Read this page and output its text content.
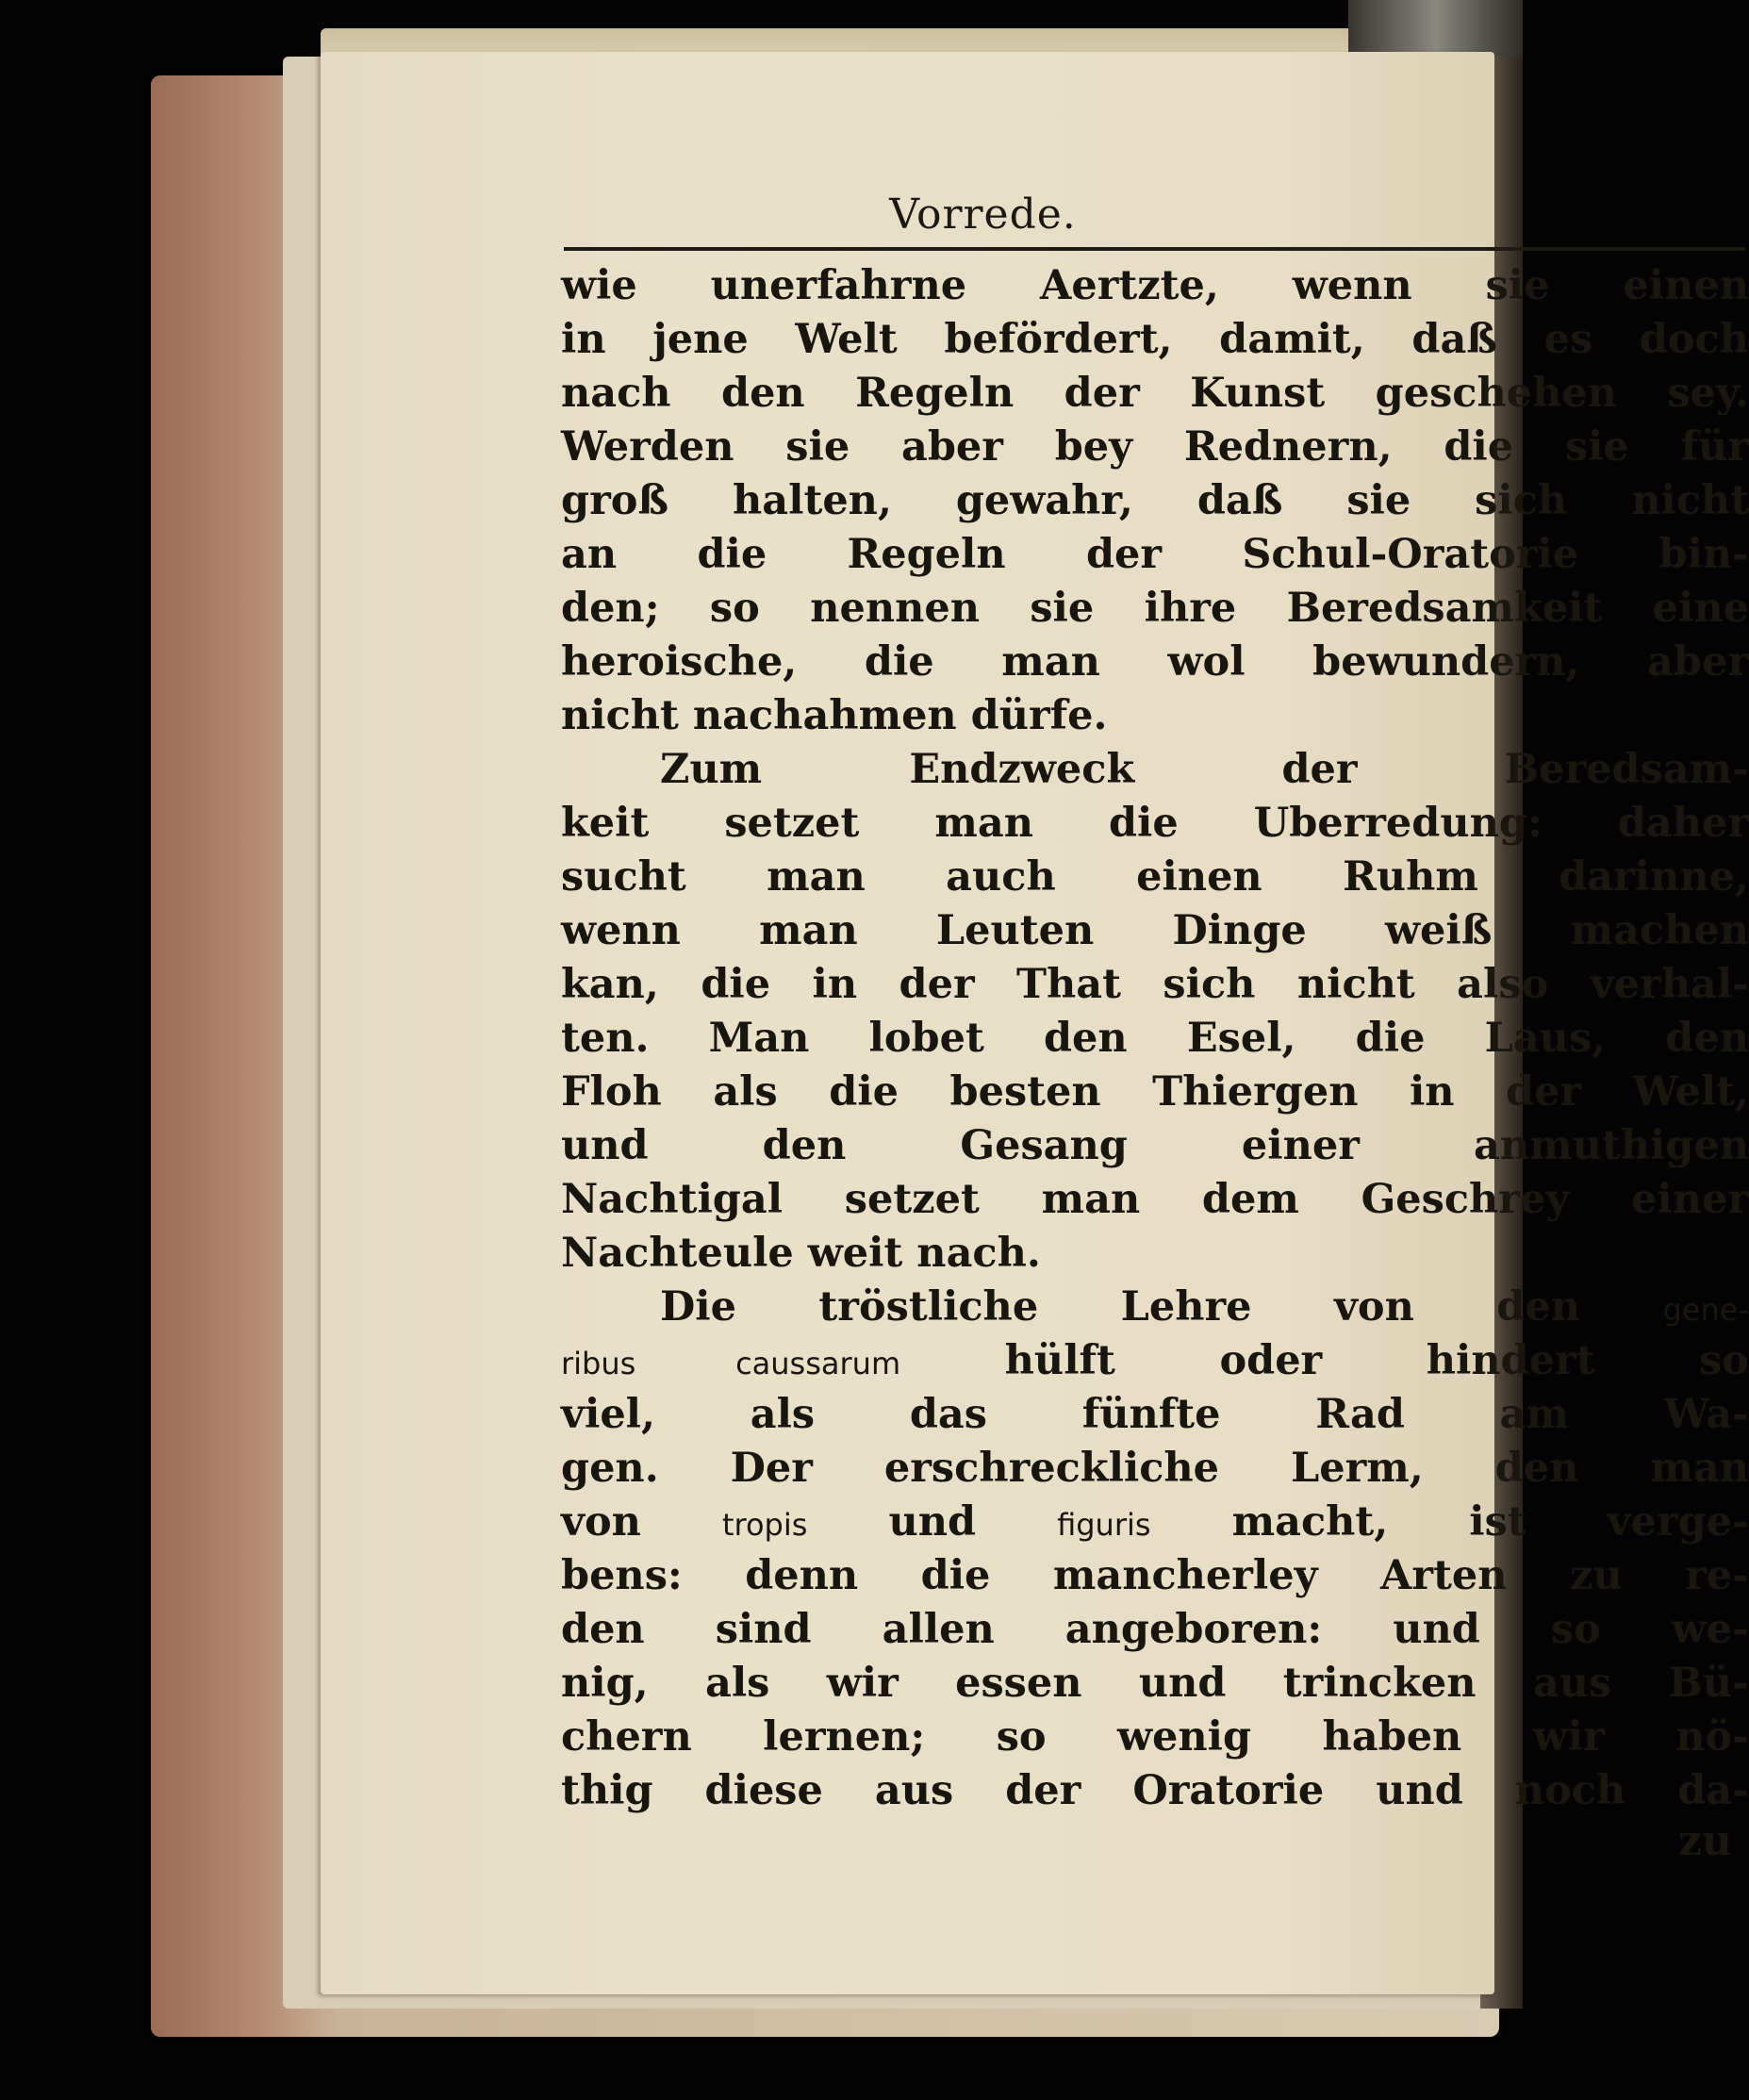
Vorrede.
wie unerfahrne Aertzte, wenn sie einen
in jene Welt befördert, damit, daß es doch
nach den Regeln der Kunst geschehen sey.
Werden sie aber bey Rednern, die sie für
groß halten, gewahr, daß sie sich nicht
an die Regeln der Schul-Oratorie bin-
den; so nennen sie ihre Beredsamkeit eine
heroische, die man wol bewundern, aber
nicht nachahmen dürfe.
Zum Endzweck der Beredsam-
keit setzet man die Uberredung: daher
sucht man auch einen Ruhm darinne,
wenn man Leuten Dinge weiß machen
kan, die in der That sich nicht also verhal-
ten. Man lobet den Esel, die Laus, den
Floh als die besten Thiergen in der Welt,
und den Gesang einer anmuthigen
Nachtigal setzet man dem Geschrey einer
Nachteule weit nach.
Die tröstliche Lehre von den	gene-
ribus caussarum	hülft oder hindert so
viel, als das fünfte Rad am Wa-
gen. Der erschreckliche Lerm, den man
von	tropis und	figuris macht, ist verge-
bens: denn die mancherley Arten zu re-
den sind allen angeboren: und so we-
nig, als wir essen und trincken aus Bü-
chern lernen; so wenig haben wir nö-
thig diese aus der Oratorie und noch da-
zu
